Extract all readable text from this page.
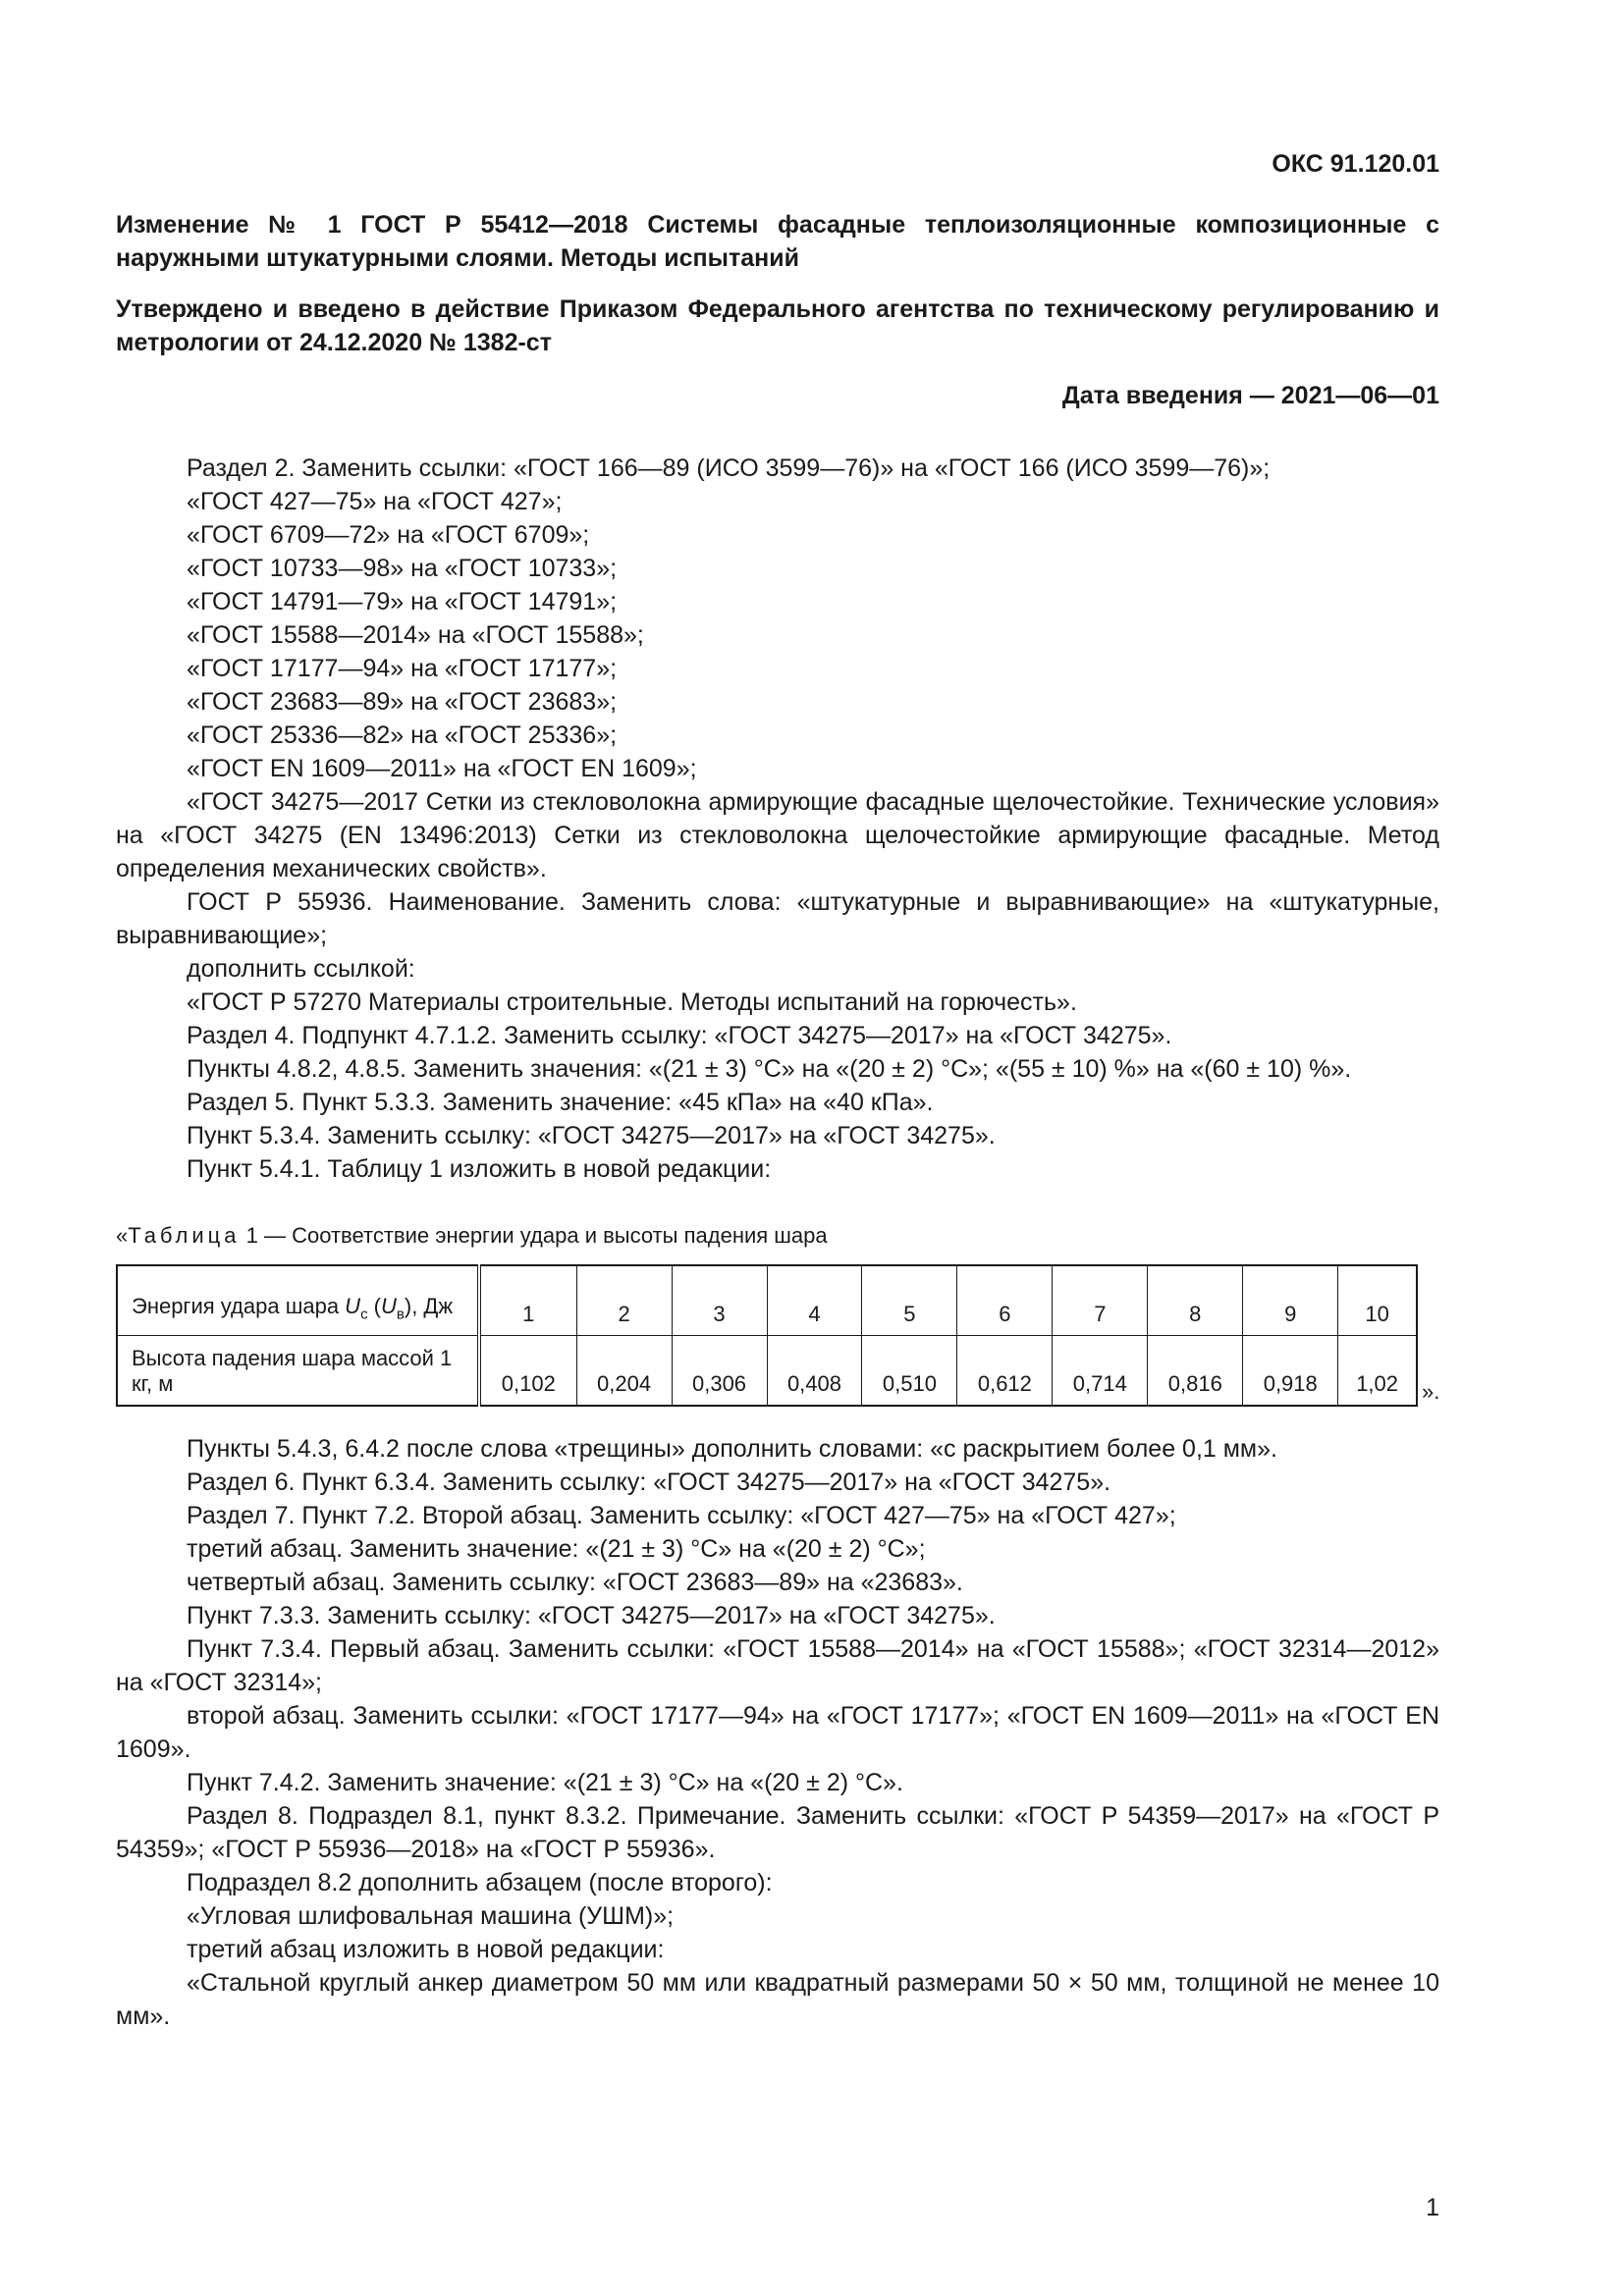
ОКС 91.120.01
Изменение № 1 ГОСТ Р 55412—2018 Системы фасадные теплоизоляционные композиционные с наружными штукатурными слоями. Методы испытаний
Утверждено и введено в действие Приказом Федерального агентства по техническому регулированию и метрологии от 24.12.2020 № 1382-ст
Дата введения — 2021—06—01

Раздел 2. Заменить ссылки: «ГОСТ 166—89 (ИСО 3599—76)» на «ГОСТ 166 (ИСО 3599—76)»;

«ГОСТ 427—75» на «ГОСТ 427»;

«ГОСТ 6709—72» на «ГОСТ 6709»;

«ГОСТ 10733—98» на «ГОСТ 10733»;

«ГОСТ 14791—79» на «ГОСТ 14791»;

«ГОСТ 15588—2014» на «ГОСТ 15588»;

«ГОСТ 17177—94» на «ГОСТ 17177»;

«ГОСТ 23683—89» на «ГОСТ 23683»;

«ГОСТ 25336—82» на «ГОСТ 25336»;

«ГОСТ EN 1609—2011» на «ГОСТ EN 1609»;

«ГОСТ 34275—2017 Сетки из стекловолокна армирующие фасадные щелочестойкие. Технические условия» на «ГОСТ 34275 (EN 13496:2013) Сетки из стекловолокна щелочестойкие армирующие фасадные. Метод определения механических свойств».

ГОСТ Р 55936. Наименование. Заменить слова: «штукатурные и выравнивающие» на «штукатурные, выравнивающие»;

дополнить ссылкой:

«ГОСТ Р 57270 Материалы строительные. Методы испытаний на горючесть».

Раздел 4. Подпункт 4.7.1.2. Заменить ссылку: «ГОСТ 34275—2017» на «ГОСТ 34275».

Пункты 4.8.2, 4.8.5. Заменить значения: «(21 ± 3) °С» на «(20 ± 2) °С»; «(55 ± 10) %» на «(60 ± 10) %».

Раздел 5. Пункт 5.3.3. Заменить значение: «45 кПа» на «40 кПа».

Пункт 5.3.4. Заменить ссылку: «ГОСТ 34275—2017» на «ГОСТ 34275».

Пункт 5.4.1. Таблицу 1 изложить в новой редакции:

«Таблица 1 — Соответствие энергии удара и высоты падения шара
Энергия удара шара $U_с$ $(U_в)$, Дж	1	2	3	4	5	6	7	8	9	10
Высота падения шара массой 1 кг, м	0,102	0,204	0,306	0,408	0,510	0,612	0,714	0,816	0,918	1,02 ».

Пункты 5.4.3, 6.4.2 после слова «трещины» дополнить словами: «с раскрытием более 0,1 мм».

Раздел 6. Пункт 6.3.4. Заменить ссылку: «ГОСТ 34275—2017» на «ГОСТ 34275».

Раздел 7. Пункт 7.2. Второй абзац. Заменить ссылку: «ГОСТ 427—75» на «ГОСТ 427»;

третий абзац. Заменить значение: «(21 ± 3) °С» на «(20 ± 2) °С»;

четвертый абзац. Заменить ссылку: «ГОСТ 23683—89» на «23683».

Пункт 7.3.3. Заменить ссылку: «ГОСТ 34275—2017» на «ГОСТ 34275».

Пункт 7.3.4. Первый абзац. Заменить ссылки: «ГОСТ 15588—2014» на «ГОСТ 15588»; «ГОСТ 32314—2012» на «ГОСТ 32314»;

второй абзац. Заменить ссылки: «ГОСТ 17177—94» на «ГОСТ 17177»; «ГОСТ EN 1609—2011» на «ГОСТ EN 1609».

Пункт 7.4.2. Заменить значение: «(21 ± 3) °С» на «(20 ± 2) °С».

Раздел 8. Подраздел 8.1, пункт 8.3.2. Примечание. Заменить ссылки: «ГОСТ Р 54359—2017» на «ГОСТ Р 54359»; «ГОСТ Р 55936—2018» на «ГОСТ Р 55936».

Подраздел 8.2 дополнить абзацем (после второго):

«Угловая шлифовальная машина (УШМ)»;

третий абзац изложить в новой редакции:

«Стальной круглый анкер диаметром 50 мм или квадратный размерами 50 × 50 мм, толщиной не менее 10 мм».

1
